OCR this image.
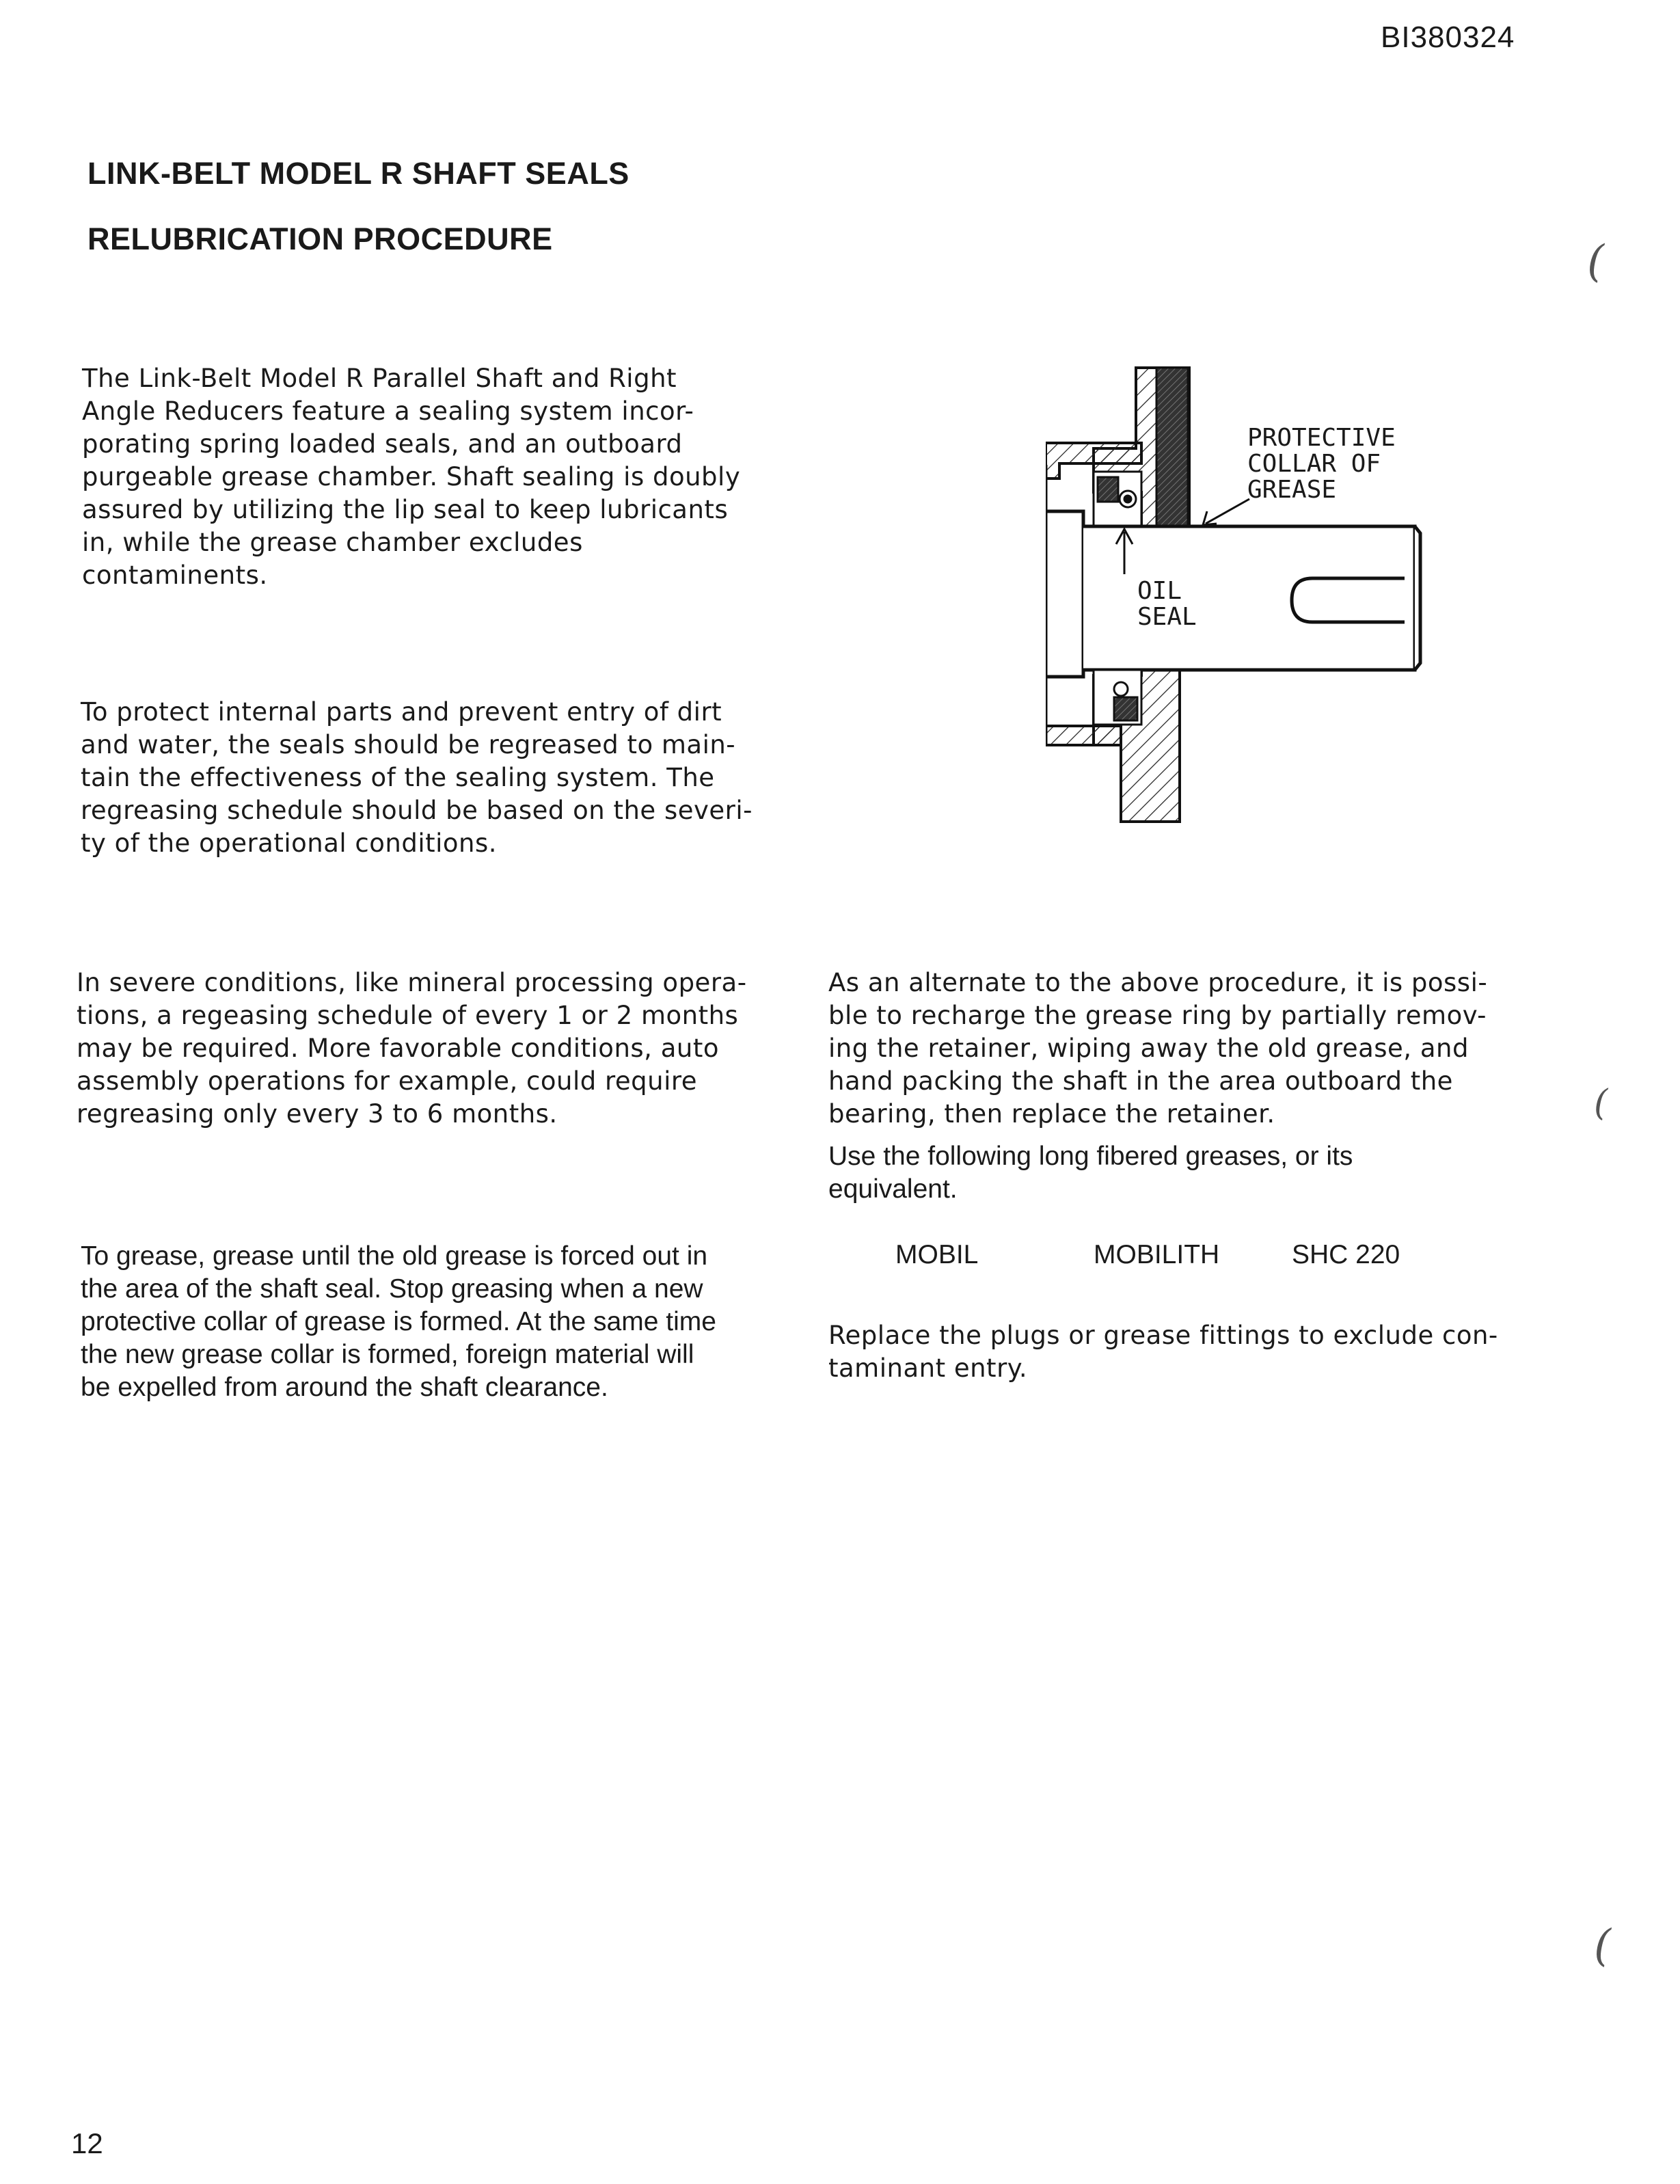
BI380324
LINK-BELT MODEL R SHAFT SEALS
RELUBRICATION PROCEDURE
The Link-Belt Model R Parallel Shaft and Right
Angle Reducers feature a sealing system incor-
porating spring loaded seals, and an outboard
purgeable grease chamber. Shaft sealing is doubly
assured by utilizing the lip seal to keep lubricants
in, while the grease chamber excludes
contaminents.
To protect internal parts and prevent entry of dirt
and water, the seals should be regreased to main-
tain the effectiveness of the sealing system. The
regreasing schedule should be based on the severi-
ty of the operational conditions.
In severe conditions, like mineral processing opera-
tions, a regeasing schedule of every 1 or 2 months
may be required. More favorable conditions, auto
assembly operations for example, could require
regreasing only every 3 to 6 months.
To grease, grease until the old grease is forced out in
the area of the shaft seal. Stop greasing when a new
protective collar of grease is formed. At the same time
the new grease collar is formed, foreign material will
be expelled from around the shaft clearance.
As an alternate to the above procedure, it is possi-
ble to recharge the grease ring by partially remov-
ing the retainer, wiping away the old grease, and
hand packing the shaft in the area outboard the
bearing, then replace the retainer.
Use the following long fibered greases, or its
equivalent.
MOBIL	MOBILITH	SHC 220
Replace the plugs or grease fittings to exclude con-
taminant entry.
PROTECTIVE
COLLAR OF
GREASE
OIL
SEAL
(
(
(
12
